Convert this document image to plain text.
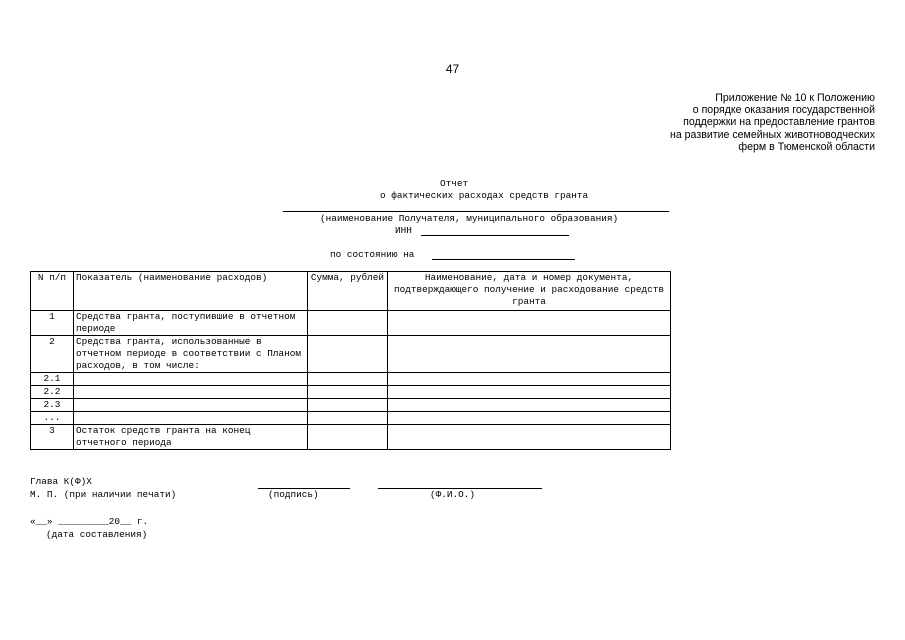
47
Приложение № 10 к Положению
о порядке оказания государственной
поддержки на предоставление грантов
на развитие семейных животноводческих
ферм в Тюменской области
Отчет
о фактических расходах средств гранта
(наименование Получателя, муниципального образования)
ИНН
по состоянию на
N п/п	Показатель (наименование расходов)	Сумма, рублей	Наименование, дата и номер документа, подтверждающего получение и расходование средств гранта
1	Средства гранта, поступившие в отчетном периоде		
2	Средства гранта, использованные в отчетном периоде в соответствии с Планом расходов, в том числе:		
2.1			
2.2			
2.3			
...			
3	Остаток средств гранта на конец отчетного периода		
Глава К(Ф)Х
М. П. (при наличии печати)	(подпись)	(Ф.И.О.)
«__» _________20__ г.
(дата составления)
